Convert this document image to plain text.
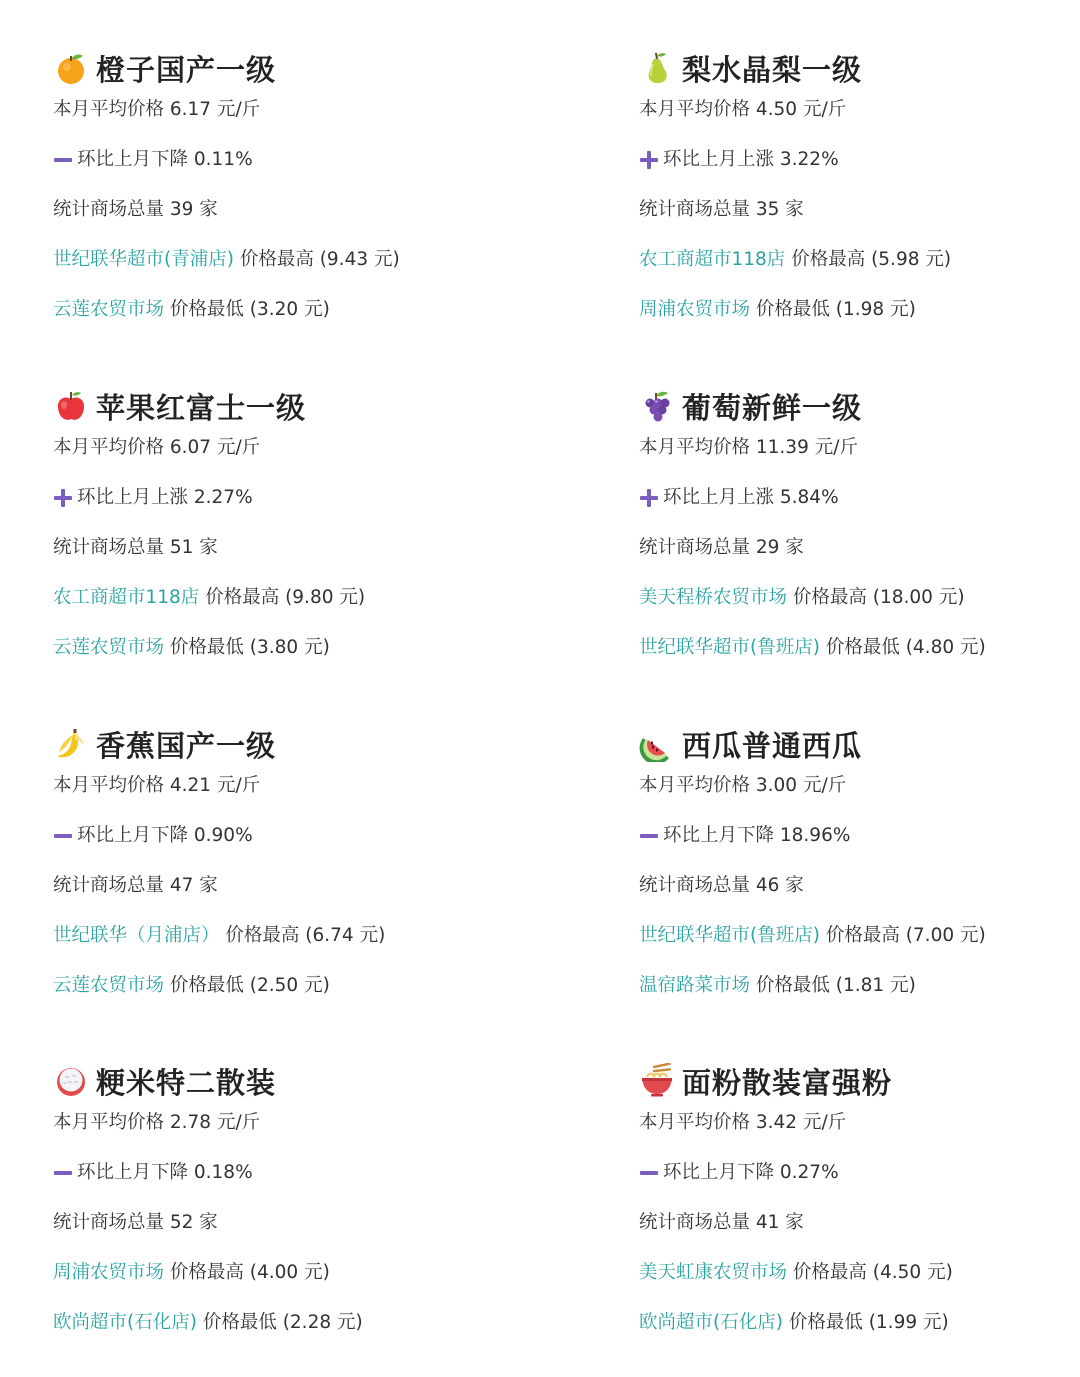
橙子国产一级
本月平均价格 6.17 元/斤
环比上月下降 0.11%
统计商场总量 39 家
世纪联华超市(青浦店) 价格最高 (9.43 元)
云莲农贸市场 价格最低 (3.20 元)
梨水晶梨一级
本月平均价格 4.50 元/斤
环比上月上涨 3.22%
统计商场总量 35 家
农工商超市118店 价格最高 (5.98 元)
周浦农贸市场 价格最低 (1.98 元)
苹果红富士一级
本月平均价格 6.07 元/斤
环比上月上涨 2.27%
统计商场总量 51 家
农工商超市118店 价格最高 (9.80 元)
云莲农贸市场 价格最低 (3.80 元)
葡萄新鲜一级
本月平均价格 11.39 元/斤
环比上月上涨 5.84%
统计商场总量 29 家
美天程桥农贸市场 价格最高 (18.00 元)
世纪联华超市(鲁班店) 价格最低 (4.80 元)
香蕉国产一级
本月平均价格 4.21 元/斤
环比上月下降 0.90%
统计商场总量 47 家
世纪联华（月浦店） 价格最高 (6.74 元)
云莲农贸市场 价格最低 (2.50 元)
西瓜普通西瓜
本月平均价格 3.00 元/斤
环比上月下降 18.96%
统计商场总量 46 家
世纪联华超市(鲁班店) 价格最高 (7.00 元)
温宿路菜市场 价格最低 (1.81 元)
粳米特二散装
本月平均价格 2.78 元/斤
环比上月下降 0.18%
统计商场总量 52 家
周浦农贸市场 价格最高 (4.00 元)
欧尚超市(石化店) 价格最低 (2.28 元)
面粉散装富强粉
本月平均价格 3.42 元/斤
环比上月下降 0.27%
统计商场总量 41 家
美天虹康农贸市场 价格最高 (4.50 元)
欧尚超市(石化店) 价格最低 (1.99 元)
